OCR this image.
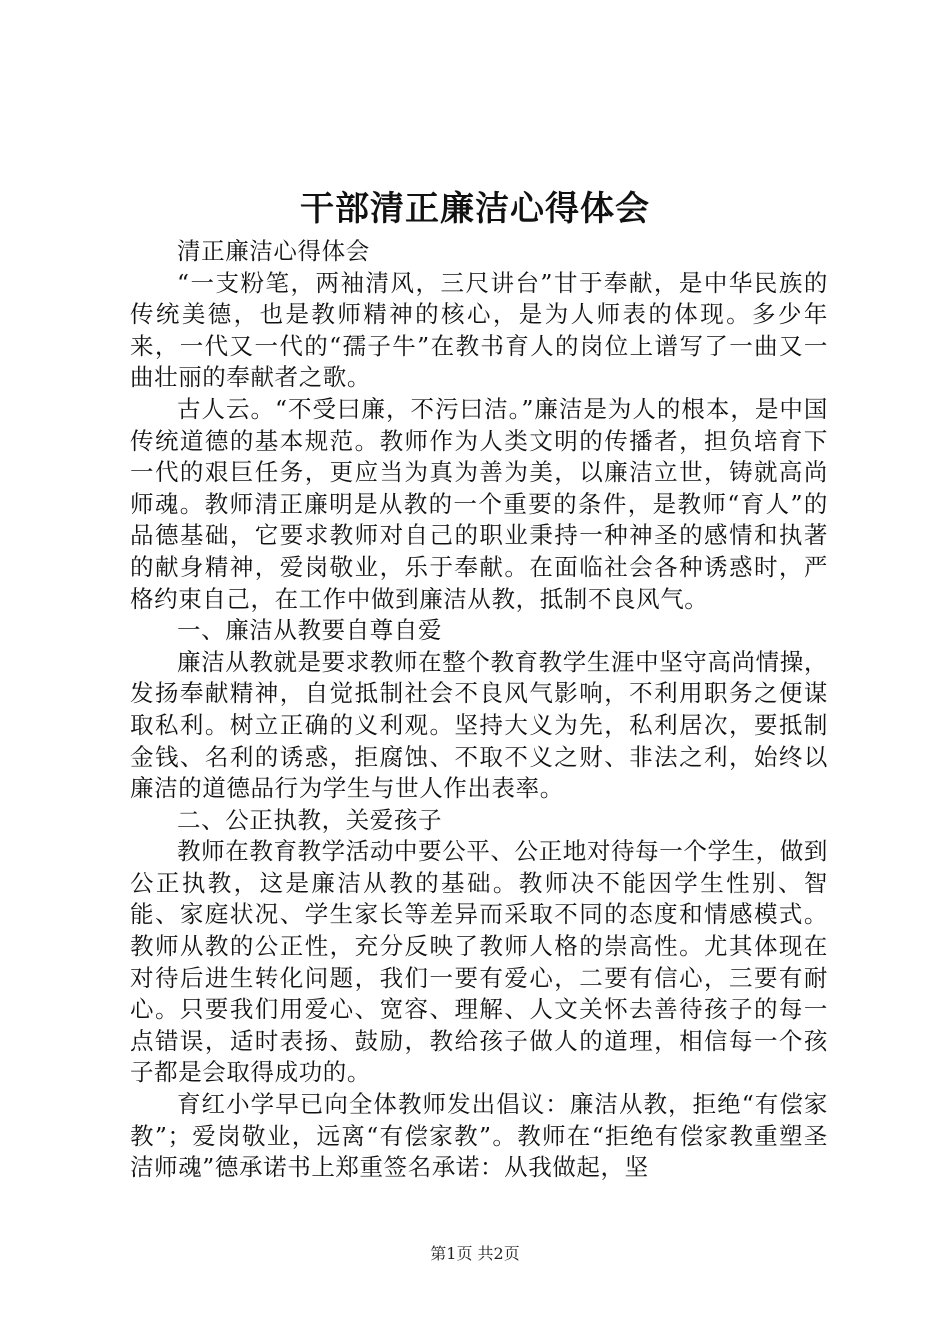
干部清正廉洁心得体会

清正廉洁心得体会

“一支粉笔，两袖清风，三尺讲台”甘于奉献，是中华民族的传统美德，也是教师精神的核心，是为人师表的体现。多少年来，一代又一代的“孺子牛”在教书育人的岗位上谱写了一曲又一曲壮丽的奉献者之歌。

古人云。“不受曰廉，不污曰洁。”廉洁是为人的根本，是中国传统道德的基本规范。教师作为人类文明的传播者，担负培育下一代的艰巨任务，更应当为真为善为美，以廉洁立世，铸就高尚师魂。教师清正廉明是从教的一个重要的条件，是教师“育人”的品德基础，它要求教师对自己的职业秉持一种神圣的感情和执著的献身精神，爱岗敬业，乐于奉献。在面临社会各种诱惑时，严格约束自己，在工作中做到廉洁从教，抵制不良风气。

一、廉洁从教要自尊自爱

廉洁从教就是要求教师在整个教育教学生涯中坚守高尚情操，发扬奉献精神，自觉抵制社会不良风气影响，不利用职务之便谋取私利。树立正确的义利观。坚持大义为先，私利居次，要抵制金钱、名利的诱惑，拒腐蚀、不取不义之财、非法之利，始终以廉洁的道德品行为学生与世人作出表率。

二、公正执教，关爱孩子

教师在教育教学活动中要公平、公正地对待每一个学生，做到公正执教，这是廉洁从教的基础。教师决不能因学生性别、智能、家庭状况、学生家长等差异而采取不同的态度和情感模式。教师从教的公正性，充分反映了教师人格的崇高性。尤其体现在对待后进生转化问题，我们一要有爱心，二要有信心，三要有耐心。只要我们用爱心、宽容、理解、人文关怀去善待孩子的每一点错误，适时表扬、鼓励，教给孩子做人的道理，相信每一个孩子都是会取得成功的。

育红小学早已向全体教师发出倡议：廉洁从教，拒绝“有偿家教”；爱岗敬业，远离“有偿家教”。教师在“拒绝有偿家教重塑圣洁师魂”德承诺书上郑重签名承诺：从我做起，坚

第1页 共2页
